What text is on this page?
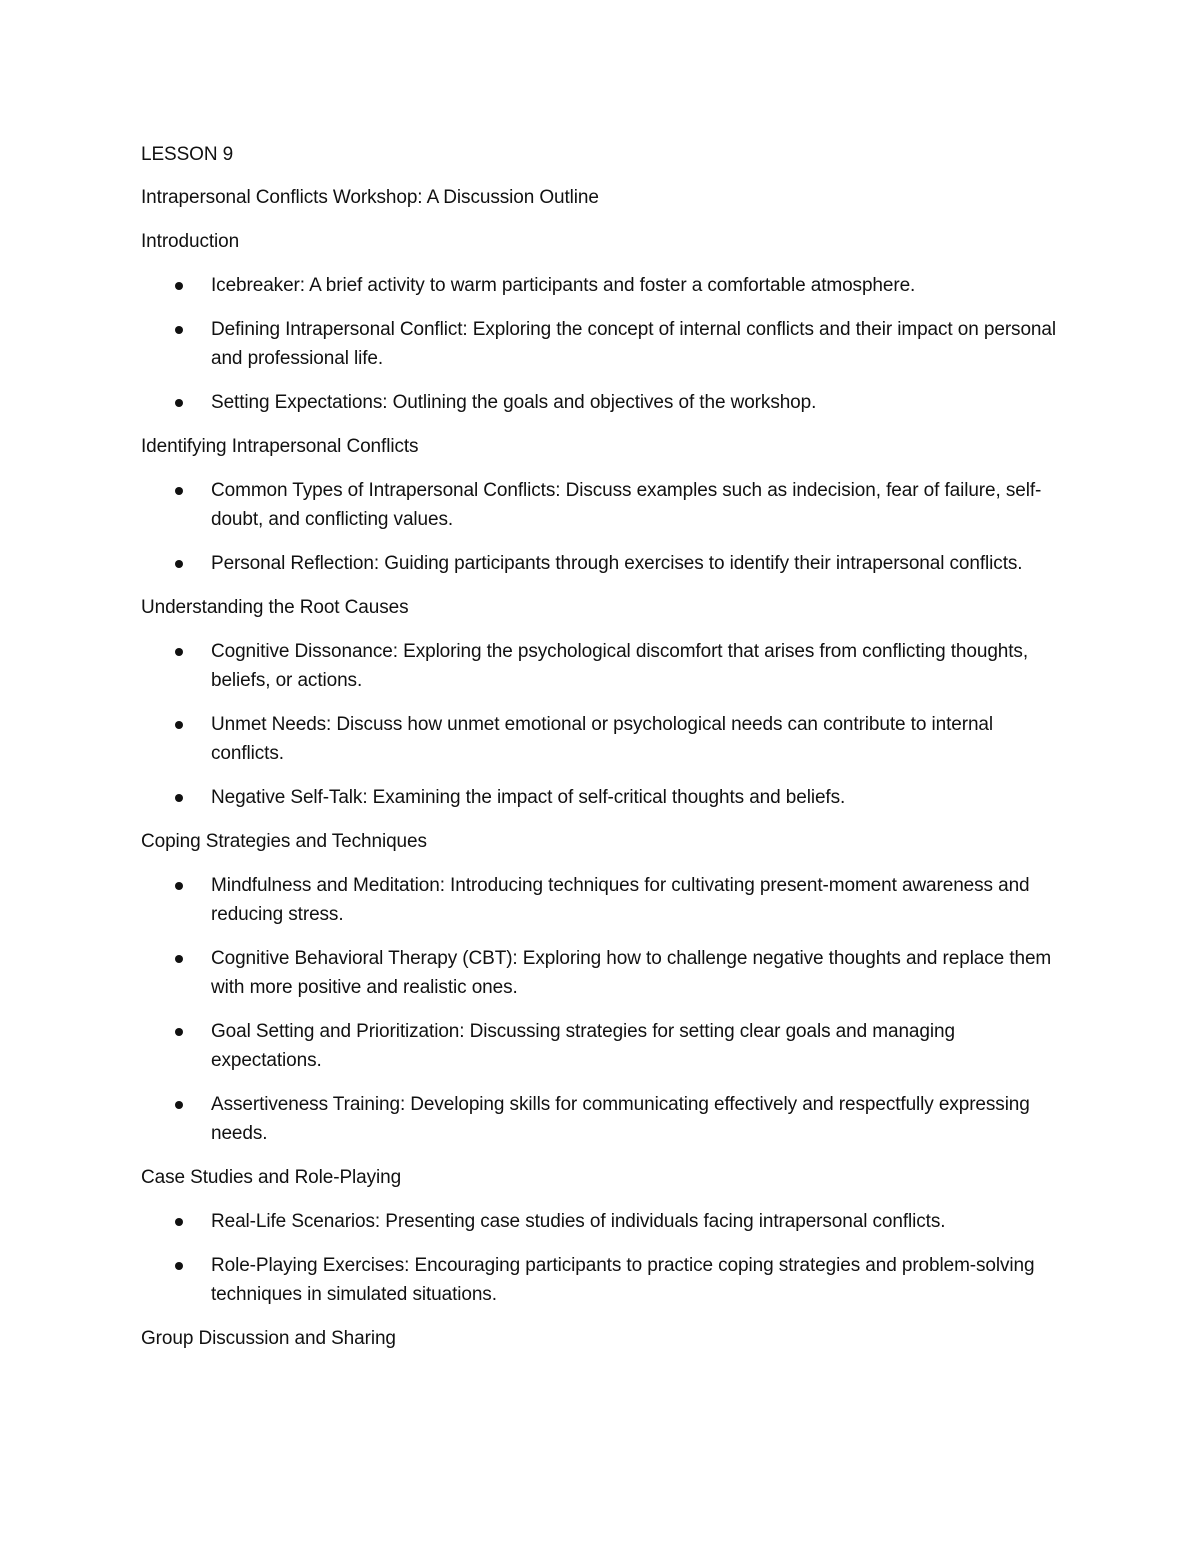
LESSON 9

Intrapersonal Conflicts Workshop: A Discussion Outline

Introduction

Icebreaker: A brief activity to warm participants and foster a comfortable atmosphere.
Defining Intrapersonal Conflict: Exploring the concept of internal conflicts and their impact on personal and professional life.
Setting Expectations: Outlining the goals and objectives of the workshop.

Identifying Intrapersonal Conflicts

Common Types of Intrapersonal Conflicts: Discuss examples such as indecision, fear of failure, self-doubt, and conflicting values.
Personal Reflection: Guiding participants through exercises to identify their intrapersonal conflicts.

Understanding the Root Causes

Cognitive Dissonance: Exploring the psychological discomfort that arises from conflicting thoughts, beliefs, or actions.
Unmet Needs: Discuss how unmet emotional or psychological needs can contribute to internal conflicts.
Negative Self-Talk: Examining the impact of self-critical thoughts and beliefs.

Coping Strategies and Techniques

Mindfulness and Meditation: Introducing techniques for cultivating present-moment awareness and reducing stress.
Cognitive Behavioral Therapy (CBT): Exploring how to challenge negative thoughts and replace them with more positive and realistic ones.
Goal Setting and Prioritization: Discussing strategies for setting clear goals and managing expectations.
Assertiveness Training: Developing skills for communicating effectively and respectfully expressing needs.

Case Studies and Role-Playing

Real-Life Scenarios: Presenting case studies of individuals facing intrapersonal conflicts.
Role-Playing Exercises: Encouraging participants to practice coping strategies and problem-solving techniques in simulated situations.

Group Discussion and Sharing
